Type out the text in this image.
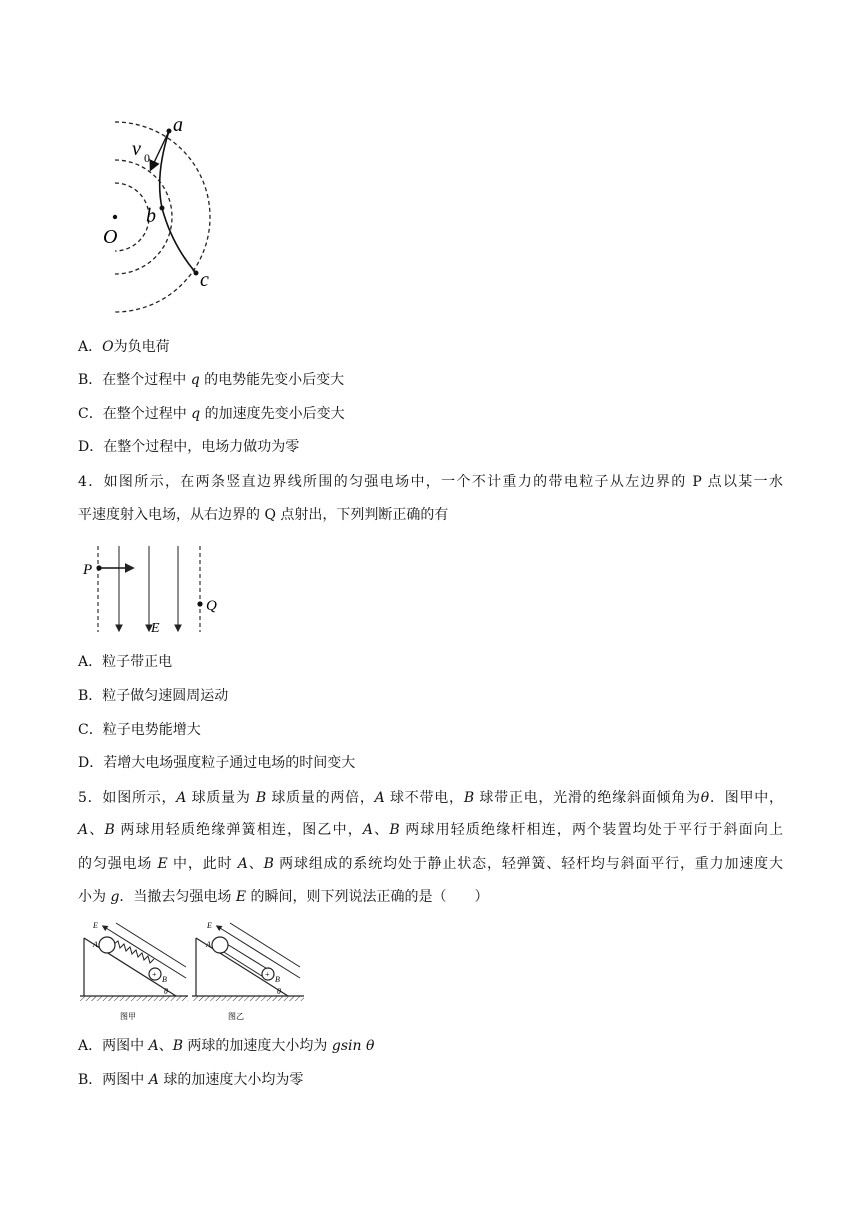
a
b
c
O
v 0
A．O为负电荷
B．在整个过程中 q 的电势能先变小后变大
C．在整个过程中 q 的加速度先变小后变大
D．在整个过程中，电场力做功为零
4．如图所示，在两条竖直边界线所围的匀强电场中，一个不计重力的带电粒子从左边界的 P 点以某一水
平速度射入电场，从右边界的 Q 点射出，下列判断正确的有
P
Q
E
A．粒子带正电
B．粒子做匀速圆周运动
C．粒子电势能增大
D．若增大电场强度粒子通过电场的时间变大
5．如图所示，A 球质量为 B 球质量的两倍，A 球不带电，B 球带正电，光滑的绝缘斜面倾角为θ．图甲中，
A、B 两球用轻质绝缘弹簧相连，图乙中，A、B 两球用轻质绝缘杆相连，两个装置均处于平行于斜面向上
的匀强电场 E 中，此时 A、B 两球组成的系统均处于静止状态，轻弹簧、轻杆均与斜面平行，重力加速度大
小为 g．当撤去匀强电场 E 的瞬间，则下列说法正确的是（　　）
+
A
B
E
θ
图甲
+
A
B
E
θ
图乙
A．两图中 A、B 两球的加速度大小均为 gsin θ
B．两图中 A 球的加速度大小均为零
